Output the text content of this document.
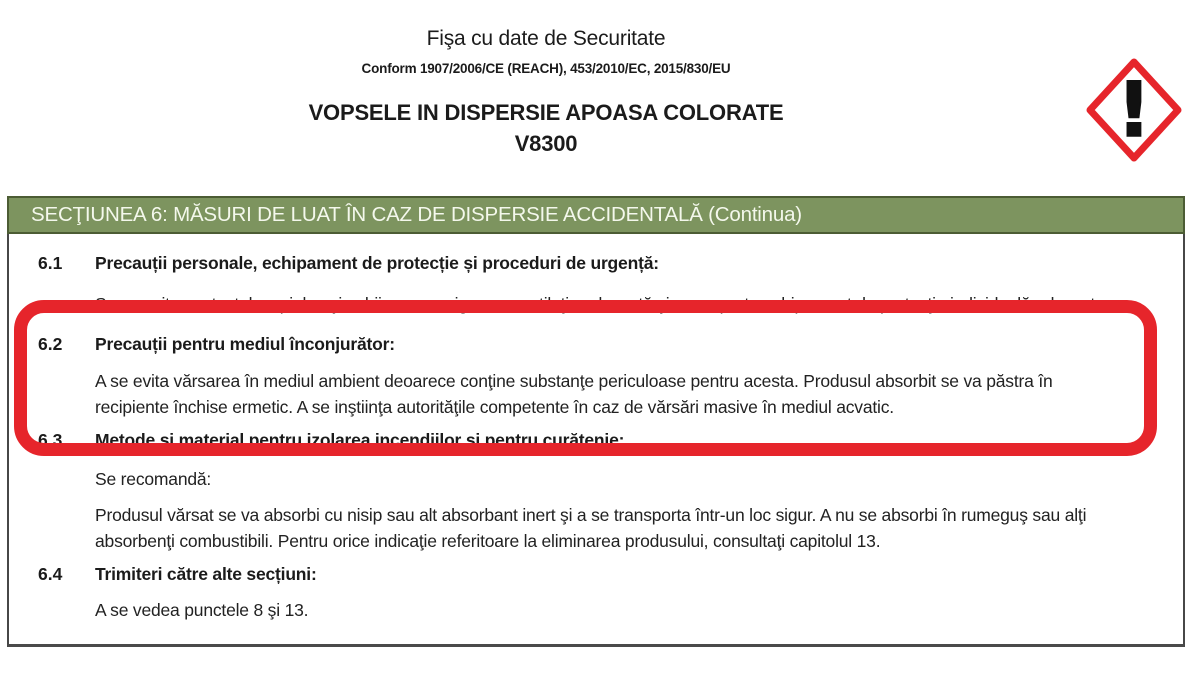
Fişa cu date de Securitate
Conform 1907/2006/CE (REACH), 453/2010/EC, 2015/830/EU
VOPSELE IN DISPERSIE APOASA COLORATE
V8300	!
SECŢIUNEA 6: MĂSURI DE LUAT ÎN CAZ DE DISPERSIE ACCIDENTALĂ (Continua)
6.1 Precauții personale, echipament de protecție și proceduri de urgență:
Se va evita contactul cu pielea şi ochii, se va asigura o ventilaţie adecvată şi se va purta echipament de protecţie individuală adecvat
6.2 Precauții pentru mediul înconjurător:
A se evita vărsarea în mediul ambient deoarece conţine substanţe periculoase pentru acesta. Produsul absorbit se va păstra în
recipiente închise ermetic. A se inştiinţa autorităţile competente în caz de vărsări masive în mediul acvatic.
6.3 Metode şi material pentru izolarea incendiilor şi pentru curăţenie:
Se recomandă:
Produsul vărsat se va absorbi cu nisip sau alt absorbant inert şi a se transporta într-un loc sigur. A nu se absorbi în rumeguş sau alţi
absorbenţi combustibili. Pentru orice indicaţie referitoare la eliminarea produsului, consultaţi capitolul 13.
6.4 Trimiteri către alte secțiuni:
A se vedea punctele 8 şi 13.
